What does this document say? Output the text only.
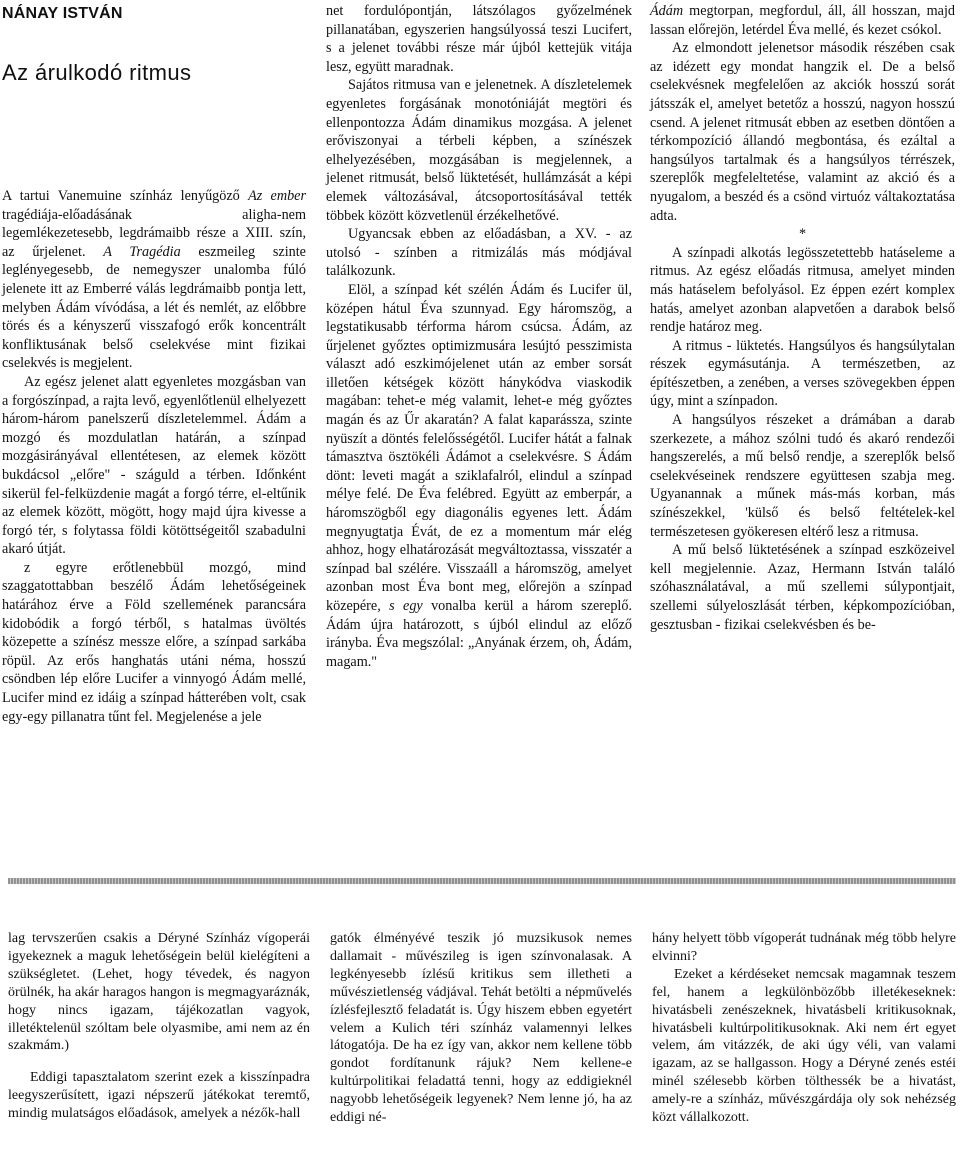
NÁNAY ISTVÁN
Az árulkodó ritmus

A tartui Vanemuine színház lenyűgöző Az ember tragédiája-előadásának aligha-nem legemlékezetesebb, legdrámaibb része a XIII. szín, az űrjelenet. A Tragédia eszmeileg szinte leglényegesebb, de nemegyszer unalomba fúló jelenete itt az Emberré válás legdrámaibb pontja lett, melyben Ádám vívódása, a lét és nemlét, az előbbre törés és a kényszerű visszafogó erők koncentrált konfliktusának belső cselekvése mint fizikai cselekvés is megjelent.

Az egész jelenet alatt egyenletes mozgásban van a forgószínpad, a rajta levő, egyenlőtlenül elhelyezett három-három panelszerű díszletelemmel. Ádám a mozgó és mozdulatlan határán, a színpad mozgásirányával ellentétesen, az elemek között bukdácsol „előre" - száguld a térben. Időnként sikerül fel-felküzdenie magát a forgó térre, el-eltűnik az elemek között, mögött, hogy majd újra kivesse a forgó tér, s folytassa földi kötöttségeitől szabadulni akaró útját.

z egyre erőtlenebbül mozgó, mind szaggatottabban beszélő Ádám lehetőségeinek határához érve a Föld szellemének parancsára kidobódik a forgó térből, s hatalmas üvöltés közepette a színész messze előre, a színpad sarkába röpül. Az erős hanghatás utáni néma, hosszú csöndben lép előre Lucifer a vinnyogó Ádám mellé, Lucifer mind ez idáig a színpad hátterében volt, csak egy-egy pillanatra tűnt fel. Megjelenése a jele

net fordulópontján, látszólagos győzelmének pillanatában, egyszerien hangsúlyossá teszi Lucifert, s a jelenet további része már újból kettejük vitája lesz, együtt maradnak.

Sajátos ritmusa van e jelenetnek. A díszletelemek egyenletes forgásának monotóniáját megtöri és ellenpontozza Ádám dinamikus mozgása. A jelenet erőviszonyai a térbeli képben, a színészek elhelyezésében, mozgásában is megjelennek, a jelenet ritmusát, belső lüktetését, hullámzását a képi elemek változásával, átcsoportosításával tették többek között közvetlenül érzékelhetővé.

Ugyancsak ebben az előadásban, a XV. - az utolsó - színben a ritmizálás más módjával találkozunk.

Elöl, a színpad két szélén Ádám és Lucifer ül, középen hátul Éva szunnyad. Egy háromszög, a legstatikusabb térforma három csúcsa. Ádám, az űrjelenet győztes optimizmusára lesújtó pesszimista választ adó eszkimójelenet után az ember sorsát illetően kétségek között hánykódva viaskodik magában: tehet-e még valamit, lehet-e még győztes magán és az Űr akaratán? A falat kaparássza, szinte nyüszít a döntés felelősségétől. Lucifer hátát a falnak támasztva ösztökéli Ádámot a cselekvésre. S Ádám dönt: leveti magát a sziklafalról, elindul a színpad mélye felé. De Éva felébred. Együtt az emberpár, a háromszögből egy diagonális egyenes lett. Ádám megnyugtatja Évát, de ez a momentum már elég ahhoz, hogy elhatározását megváltoztassa, visszatér a színpad bal szélére. Visszaáll a háromszög, amelyet azonban most Éva bont meg, előrejön a színpad közepére, s egy vonalba kerül a három szereplő. Ádám újra határozott, s újból elindul az előző irányba. Éva megszólal: „Anyának érzem, oh, Ádám, magam."

Ádám megtorpan, megfordul, áll, áll hosszan, majd lassan előrejön, letérdel Éva mellé, és kezet csókol.

Az elmondott jelenetsor második részében csak az idézett egy mondat hangzik el. De a belső cselekvésnek megfelelően az akciók hosszú sorát játsszák el, amelyet betetőz a hosszú, nagyon hosszú csend. A jelenet ritmusát ebben az esetben döntően a térkompozíció állandó megbontása, és ezáltal a hangsúlyos tartalmak és a hangsúlyos térrészek, szereplők megfeleltetése, valamint az akció és a nyugalom, a beszéd és a csönd virtuóz váltakoztatása adta.

*

A színpadi alkotás legösszetettebb hatáseleme a ritmus. Az egész előadás ritmusa, amelyet minden más hatáselem befolyásol. Ez éppen ezért komplex hatás, amelyet azonban alapvetően a darabok belső rendje határoz meg.

A ritmus - lüktetés. Hangsúlyos és hangsúlytalan részek egymásutánja. A természetben, az építészetben, a zenében, a verses szövegekben éppen úgy, mint a színpadon.

A hangsúlyos részeket a drámában a darab szerkezete, a mához szólni tudó és akaró rendezői hangszerelés, a mű belső rendje, a szereplők belső cselekvéseinek rendszere együttesen szabja meg. Ugyanannak a műnek más-más korban, más színészekkel, 'külső és belső feltételek-kel természetesen gyökeresen eltérő lesz a ritmusa.

A mű belső lüktetésének a színpad eszközeivel kell megjelennie. Azaz, Hermann István találó szóhasználatával, a mű szellemi súlypontjait, szellemi súlyeloszlását térben, képkompozícióban, gesztusban - fizikai cselekvésben és be-

lag tervszerűen csakis a Déryné Színház vígoperái igyekeznek a maguk lehetőségein belül kielégíteni a szükségletet. (Lehet, hogy tévedek, és nagyon örülnék, ha akár haragos hangon is megmagyaráznák, hogy nincs igazam, tájékozatlan vagyok, illetéktelenül szóltam bele olyasmibe, ami nem az én szakmám.)

Eddigi tapasztalatom szerint ezek a kisszínpadra leegyszerűsített, igazi népszerű játékokat teremtő, mindig mulatságos előadások, amelyek a nézők-hall

gatók élményévé teszik jó muzsikusok nemes dallamait - művészileg is igen színvonalasak. A legkényesebb ízlésű kritikus sem illetheti a művészietlenség vádjával. Tehát betölti a népművelés ízlésfejlesztő feladatát is. Úgy hiszem ebben egyetért velem a Kulich téri színház valamennyi lelkes látogatója. De ha ez így van, akkor nem kellene több gondot fordítanunk rájuk? Nem kellene-e kultúrpolitikai feladattá tenni, hogy az eddigieknél nagyobb lehetőségeik legyenek? Nem lenne jó, ha az eddigi né-

hány helyett több vígoperát tudnának még több helyre elvinni?

Ezeket a kérdéseket nemcsak magamnak teszem fel, hanem a legkülönbözőbb illetékeseknek: hivatásbeli zenészeknek, hivatásbeli kritikusoknak, hivatásbeli kultúrpolitikusoknak. Aki nem ért egyet velem, ám vitázzék, de aki úgy véli, van valami igazam, az se hallgasson. Hogy a Déryné zenés estéi minél szélesebb körben tölthessék be a hivatást, amely-re a színház, művészgárdája oly sok nehézség közt vállalkozott.
